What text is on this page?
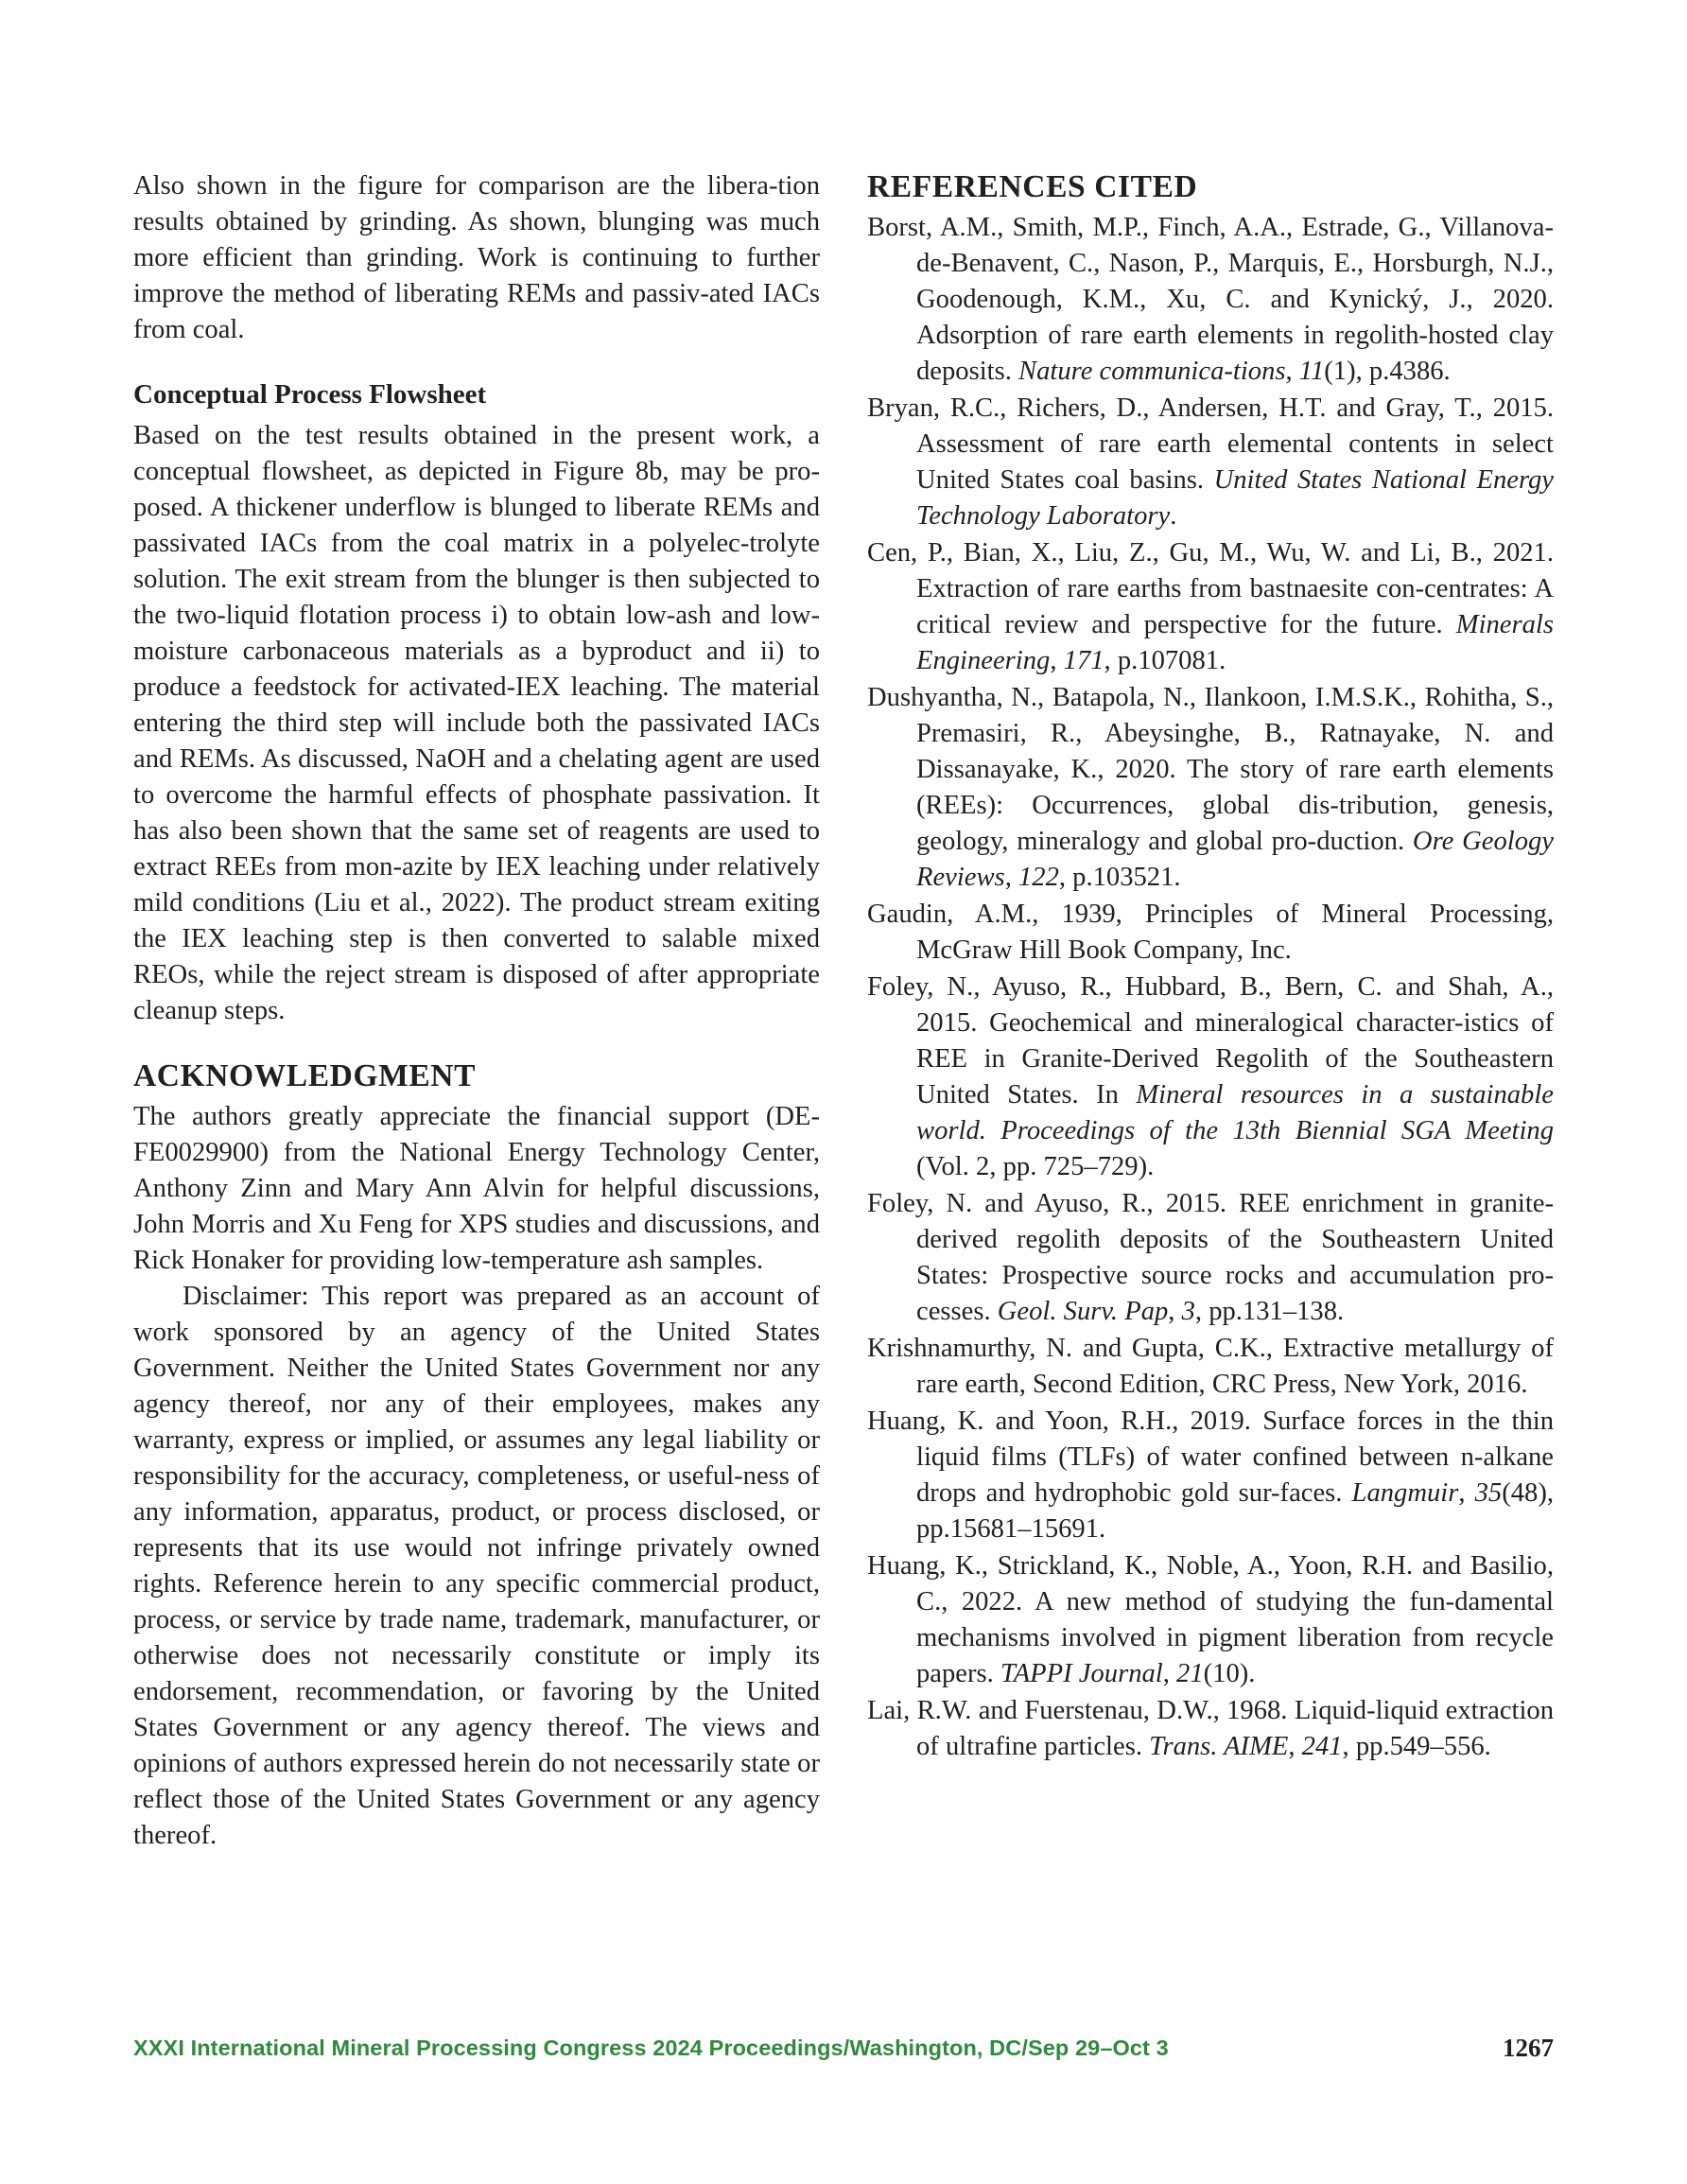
Also shown in the figure for comparison are the libera-tion results obtained by grinding. As shown, blunging was much more efficient than grinding. Work is continuing to further improve the method of liberating REMs and passiv-ated IACs from coal.

Conceptual Process Flowsheet

Based on the test results obtained in the present work, a conceptual flowsheet, as depicted in Figure 8b, may be pro-posed. A thickener underflow is blunged to liberate REMs and passivated IACs from the coal matrix in a polyelec-trolyte solution. The exit stream from the blunger is then subjected to the two-liquid flotation process i) to obtain low-ash and low-moisture carbonaceous materials as a byproduct and ii) to produce a feedstock for activated-IEX leaching. The material entering the third step will include both the passivated IACs and REMs. As discussed, NaOH and a chelating agent are used to overcome the harmful effects of phosphate passivation. It has also been shown that the same set of reagents are used to extract REEs from mon-azite by IEX leaching under relatively mild conditions (Liu et al., 2022). The product stream exiting the IEX leaching step is then converted to salable mixed REOs, while the reject stream is disposed of after appropriate cleanup steps.

ACKNOWLEDGMENT

The authors greatly appreciate the financial support (DE-FE0029900) from the National Energy Technology Center, Anthony Zinn and Mary Ann Alvin for helpful discussions, John Morris and Xu Feng for XPS studies and discussions, and Rick Honaker for providing low-temperature ash samples.

Disclaimer: This report was prepared as an account of work sponsored by an agency of the United States Government. Neither the United States Government nor any agency thereof, nor any of their employees, makes any warranty, express or implied, or assumes any legal liability or responsibility for the accuracy, completeness, or useful-ness of any information, apparatus, product, or process disclosed, or represents that its use would not infringe privately owned rights. Reference herein to any specific commercial product, process, or service by trade name, trademark, manufacturer, or otherwise does not necessarily constitute or imply its endorsement, recommendation, or favoring by the United States Government or any agency thereof. The views and opinions of authors expressed herein do not necessarily state or reflect those of the United States Government or any agency thereof.

REFERENCES CITED
Borst, A.M., Smith, M.P., Finch, A.A., Estrade, G., Villanova-de-Benavent, C., Nason, P., Marquis, E., Horsburgh, N.J., Goodenough, K.M., Xu, C. and Kynický, J., 2020. Adsorption of rare earth elements in regolith-hosted clay deposits. Nature communica-tions, 11(1), p.4386.
Bryan, R.C., Richers, D., Andersen, H.T. and Gray, T., 2015. Assessment of rare earth elemental contents in select United States coal basins. United States National Energy Technology Laboratory.
Cen, P., Bian, X., Liu, Z., Gu, M., Wu, W. and Li, B., 2021. Extraction of rare earths from bastnaesite con-centrates: A critical review and perspective for the future. Minerals Engineering, 171, p.107081.
Dushyantha, N., Batapola, N., Ilankoon, I.M.S.K., Rohitha, S., Premasiri, R., Abeysinghe, B., Ratnayake, N. and Dissanayake, K., 2020. The story of rare earth elements (REEs): Occurrences, global dis-tribution, genesis, geology, mineralogy and global pro-duction. Ore Geology Reviews, 122, p.103521.
Gaudin, A.M., 1939, Principles of Mineral Processing, McGraw Hill Book Company, Inc.
Foley, N., Ayuso, R., Hubbard, B., Bern, C. and Shah, A., 2015. Geochemical and mineralogical character-istics of REE in Granite-Derived Regolith of the Southeastern United States. In Mineral resources in a sustainable world. Proceedings of the 13th Biennial SGA Meeting (Vol. 2, pp. 725–729).
Foley, N. and Ayuso, R., 2015. REE enrichment in granite-derived regolith deposits of the Southeastern United States: Prospective source rocks and accumulation pro-cesses. Geol. Surv. Pap, 3, pp.131–138.
Krishnamurthy, N. and Gupta, C.K., Extractive metallurgy of rare earth, Second Edition, CRC Press, New York, 2016.
Huang, K. and Yoon, R.H., 2019. Surface forces in the thin liquid films (TLFs) of water confined between n-alkane drops and hydrophobic gold sur-faces. Langmuir, 35(48), pp.15681–15691.
Huang, K., Strickland, K., Noble, A., Yoon, R.H. and Basilio, C., 2022. A new method of studying the fun-damental mechanisms involved in pigment liberation from recycle papers. TAPPI Journal, 21(10).
Lai, R.W. and Fuerstenau, D.W., 1968. Liquid-liquid extraction of ultrafine particles. Trans. AIME, 241, pp.549–556.
XXXI International Mineral Processing Congress 2024 Proceedings/Washington, DC/Sep 29–Oct 3	1267
